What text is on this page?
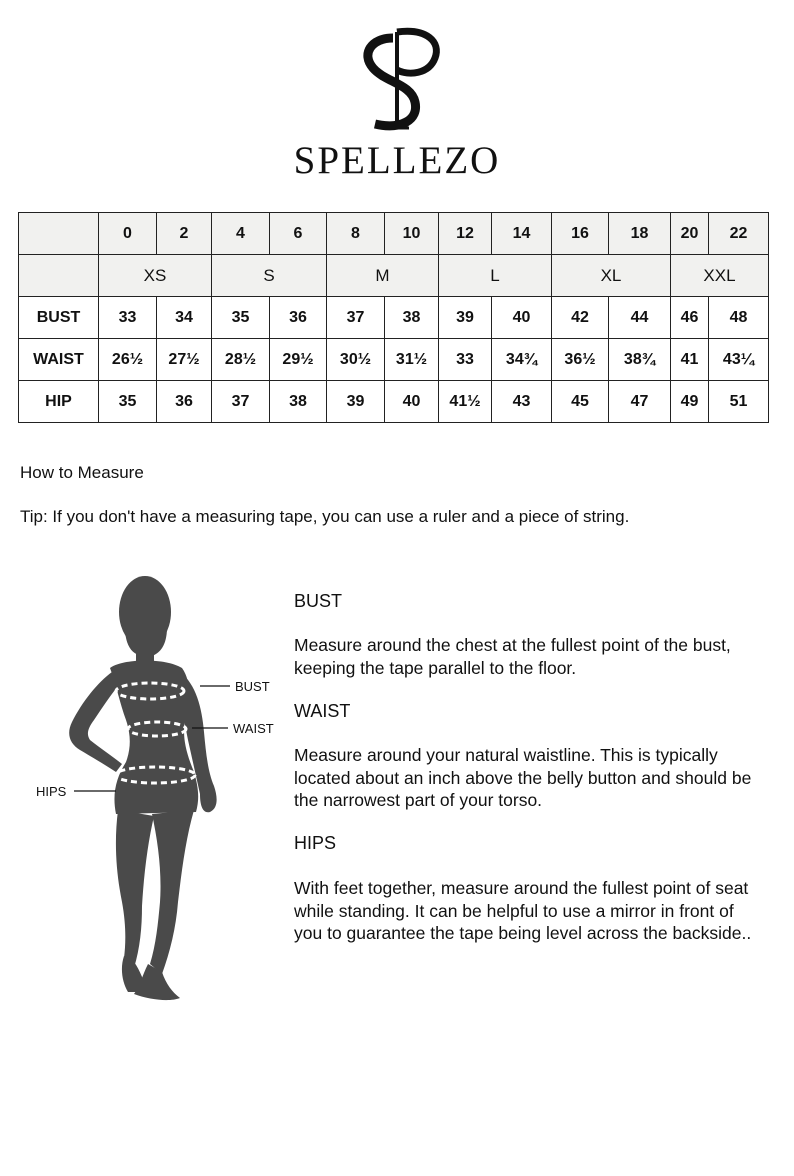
SPELLEZO
	0	2	4	6	8	10	12	14	16	18	20	22
	XS		S		M		L		XL		XXL	
BUST	33	34	35	36	37	38	39	40	42	44	46	48
WAIST	26½	27½	28½	29½	30½	31½	33	34¾	36½	38¾	41	43¼
HIP	35	36	37	38	39	40	41½	43	45	47	49	51
How to Measure
Tip: If you don't have a measuring tape, you can use a ruler and a piece of string.
BUST
WAIST
HIPS
BUST
Measure around the chest at the fullest point of the bust, keeping the tape parallel to the floor.
WAIST
Measure around your natural waistline. This is typically located about an inch above the belly button and should be the narrowest part of your torso.
HIPS
With feet together, measure around the fullest point of seat while standing. It can be helpful to use a mirror in front of you to guarantee the tape being level across the backside..
